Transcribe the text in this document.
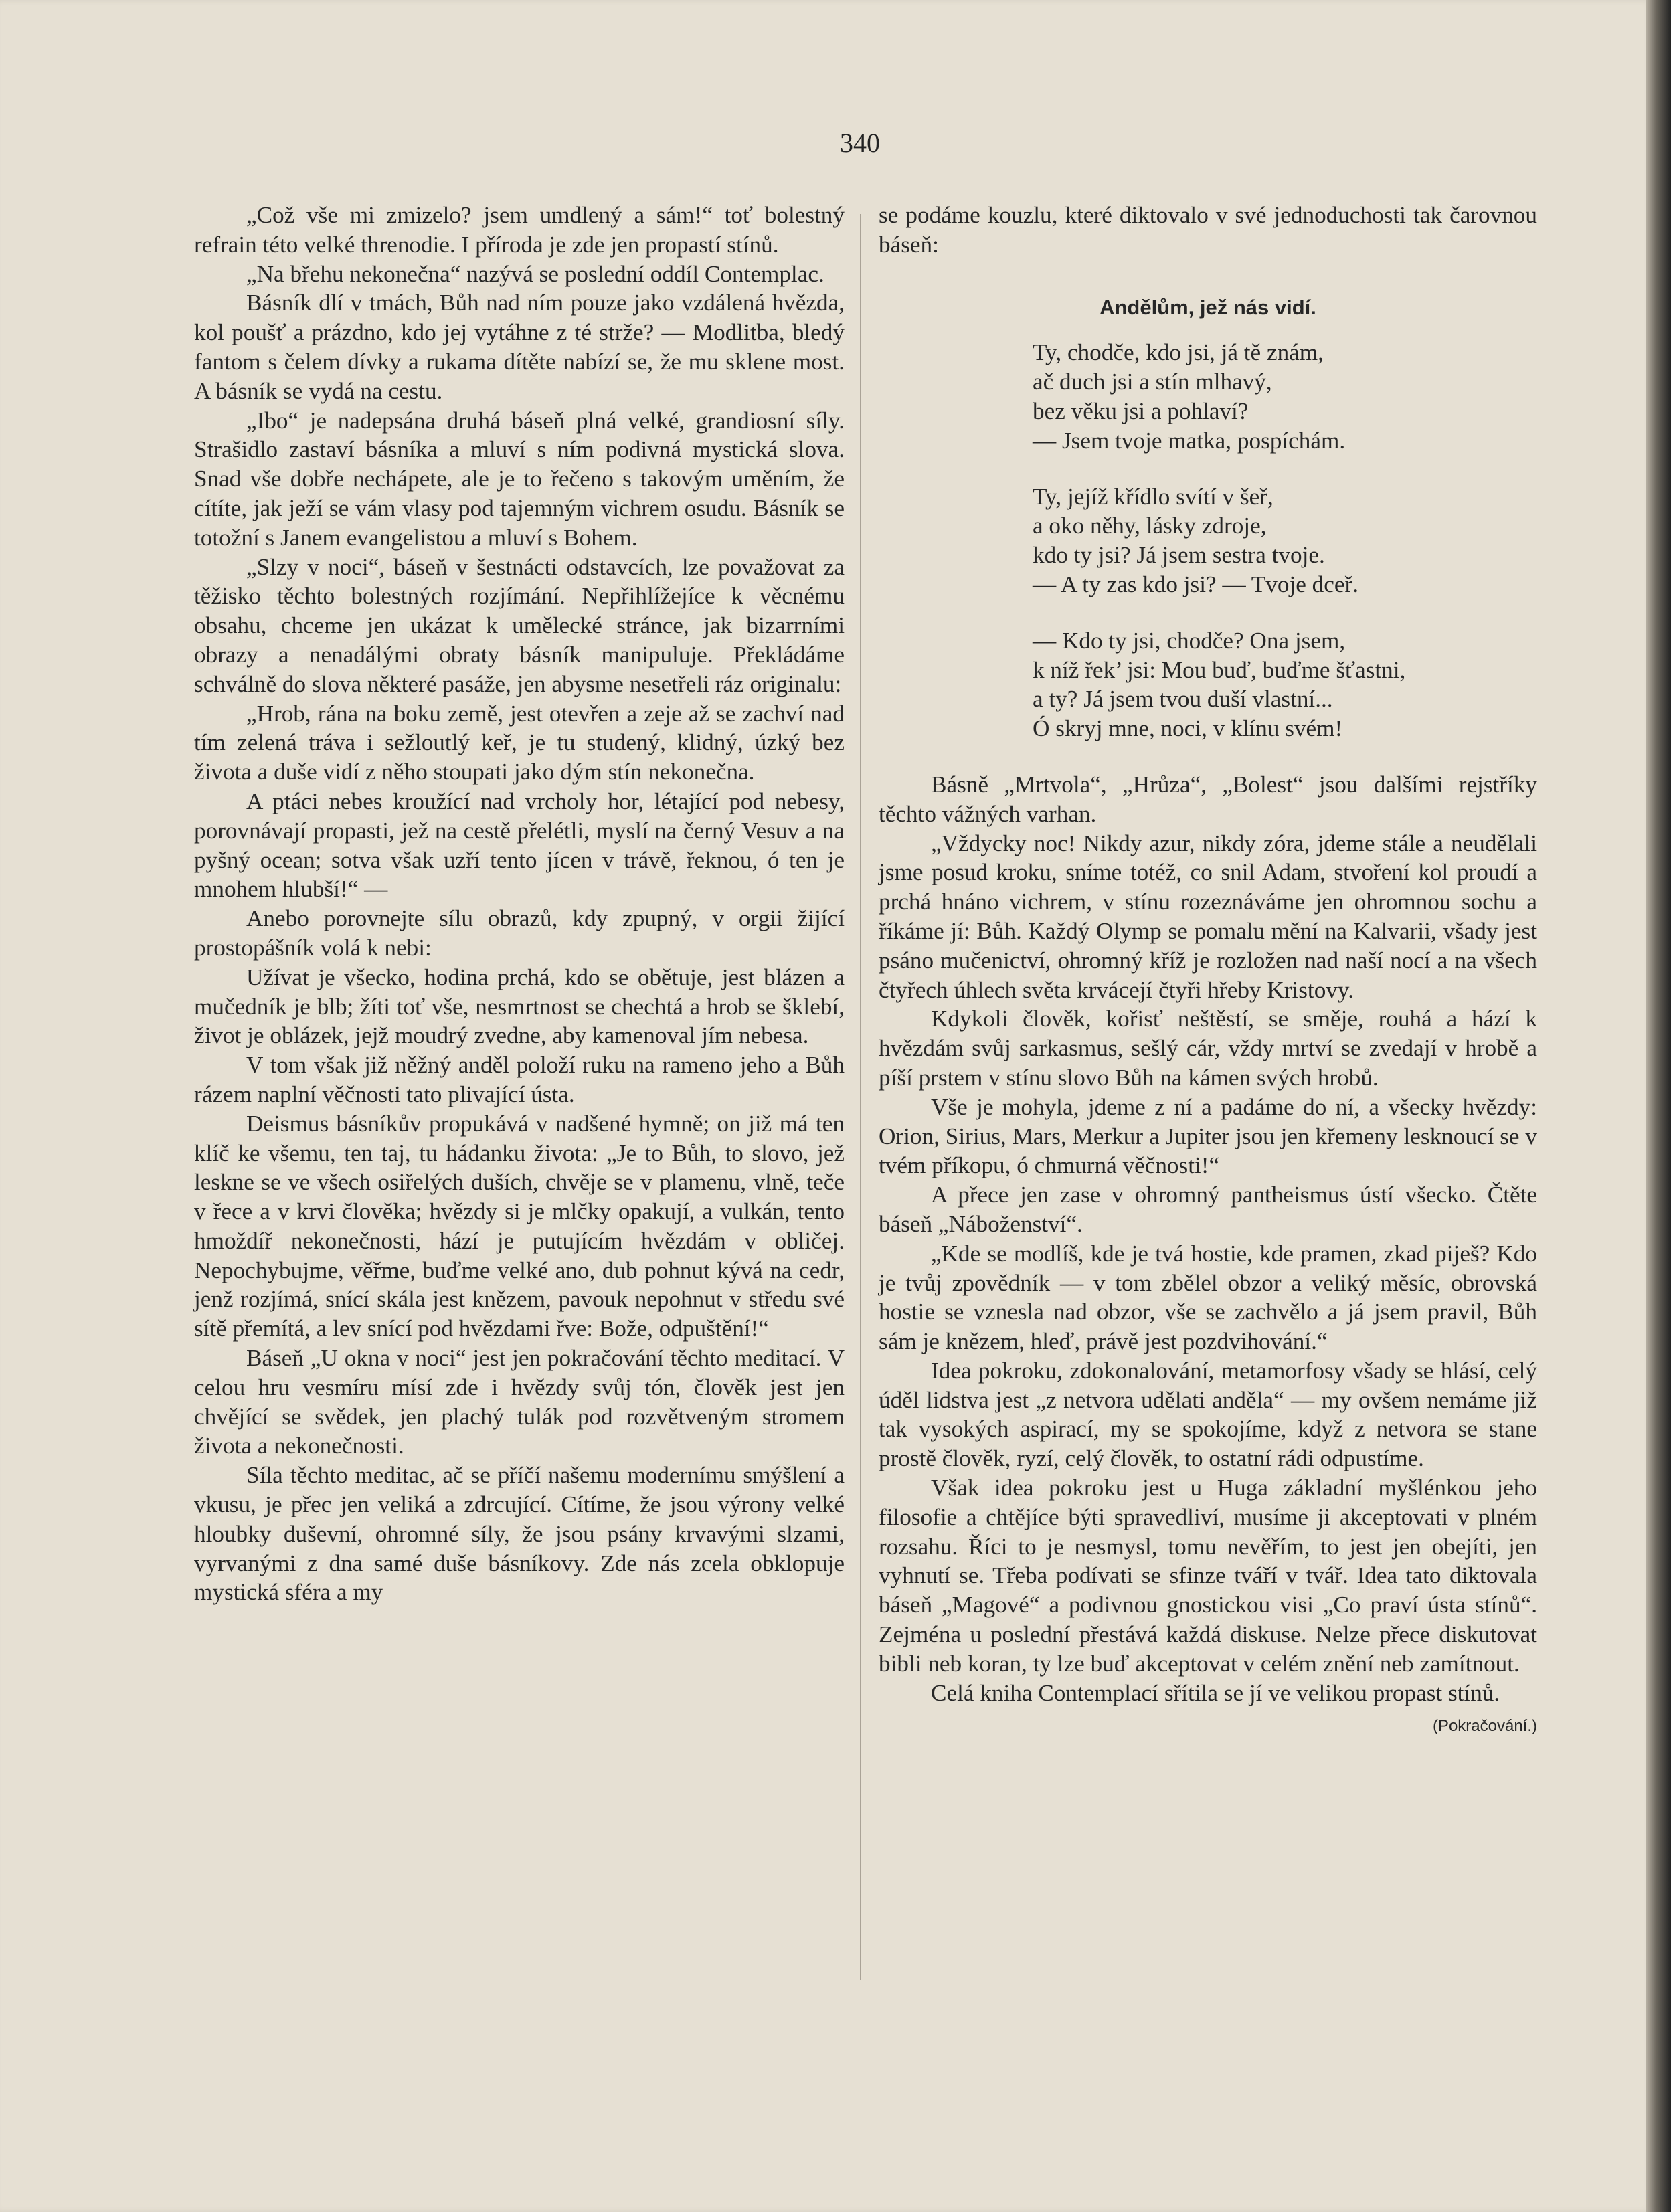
340

„Což vše mi zmizelo? jsem umdlený a sám!“ toť bolestný refrain této velké threnodie. I příroda je zde jen propastí stínů.

„Na břehu nekonečna“ nazývá se poslední oddíl Contemplac.

Básník dlí v tmách, Bůh nad ním pouze jako vzdálená hvězda, kol poušť a prázdno, kdo jej vytáhne z té strže? — Modlitba, bledý fantom s čelem dívky a rukama dítěte nabízí se, že mu sklene most. A básník se vydá na cestu.

„Ibo“ je nadepsána druhá báseň plná velké, grandiosní síly. Strašidlo zastaví básníka a mluví s ním podivná mystická slova. Snad vše dobře nechápete, ale je to řečeno s takovým uměním, že cítíte, jak ježí se vám vlasy pod tajemným vichrem osudu. Básník se totožní s Janem evangelistou a mluví s Bohem.

„Slzy v noci“, báseň v šestnácti odstavcích, lze považovat za těžisko těchto bolestných rozjímání. Nepřihlížejíce k věcnému obsahu, chceme jen ukázat k umělecké stránce, jak bizarrními obrazy a nenadálými obraty básník manipuluje. Překládáme schválně do slova některé pasáže, jen abysme nesetřeli ráz originalu:

„Hrob, rána na boku země, jest otevřen a zeje až se zachví nad tím zelená tráva i sežloutlý keř, je tu studený, klidný, úzký bez života a duše vidí z něho stoupati jako dým stín nekonečna.

A ptáci nebes kroužící nad vrcholy hor, létající pod nebesy, porovnávají propasti, jež na cestě přelétli, myslí na černý Vesuv a na pyšný ocean; sotva však uzří tento jícen v trávě, řeknou, ó ten je mnohem hlubší!“ —

Anebo porovnejte sílu obrazů, kdy zpupný, v orgii žijící prostopášník volá k nebi:

Užívat je všecko, hodina prchá, kdo se obětuje, jest blázen a mučedník je blb; žíti toť vše, nesmrtnost se chechtá a hrob se šklebí, život je oblázek, jejž moudrý zvedne, aby kamenoval jím nebesa.

V tom však již něžný anděl položí ruku na rameno jeho a Bůh rázem naplní věčnosti tato plivající ústa.

Deismus básníkův propukává v nadšené hymně; on již má ten klíč ke všemu, ten taj, tu hádanku života: „Je to Bůh, to slovo, jež leskne se ve všech osiřelých duších, chvěje se v plamenu, vlně, teče v řece a v krvi člověka; hvězdy si je mlčky opakují, a vulkán, tento hmoždíř nekonečnosti, hází je putujícím hvězdám v obličej. Nepochybujme, věřme, buďme velké ano, dub pohnut kývá na cedr, jenž rozjímá, snící skála jest knězem, pavouk nepohnut v středu své sítě přemítá, a lev snící pod hvězdami řve: Bože, odpuštění!“

Báseň „U okna v noci“ jest jen pokračování těchto meditací. V celou hru vesmíru mísí zde i hvězdy svůj tón, člověk jest jen chvějící se svědek, jen plachý tulák pod rozvětveným stromem života a nekonečnosti.

Síla těchto meditac, ač se příčí našemu modernímu smýšlení a vkusu, je přec jen veliká a zdrcující. Cítíme, že jsou výrony velké hloubky duševní, ohromné síly, že jsou psány krvavými slzami, vyrvanými z dna samé duše básníkovy. Zde nás zcela obklopuje mystická sféra a my

se podáme kouzlu, které diktovalo v své jednoduchosti tak čarovnou báseň:

Andělům, jež nás vidí.
Ty, chodče, kdo jsi, já tě znám,
ač duch jsi a stín mlhavý,
bez věku jsi a pohlaví?
— Jsem tvoje matka, pospíchám.
Ty, jejíž křídlo svítí v šeř,
a oko něhy, lásky zdroje,
kdo ty jsi? Já jsem sestra tvoje.
— A ty zas kdo jsi? — Tvoje dceř.
— Kdo ty jsi, chodče? Ona jsem,
k níž řek’ jsi: Mou buď, buďme šťastni,
a ty? Já jsem tvou duší vlastní...
Ó skryj mne, noci, v klínu svém!

Básně „Mrtvola“, „Hrůza“, „Bolest“ jsou dalšími rejstříky těchto vážných varhan.

„Vždycky noc! Nikdy azur, nikdy zóra, jdeme stále a neudělali jsme posud kroku, sníme totéž, co snil Adam, stvoření kol proudí a prchá hnáno vichrem, v stínu rozeznáváme jen ohromnou sochu a říkáme jí: Bůh. Každý Olymp se pomalu mění na Kalvarii, všady jest psáno mučenictví, ohromný kříž je rozložen nad naší nocí a na všech čtyřech úhlech světa krvácejí čtyři hřeby Kristovy.

Kdykoli člověk, kořisť neštěstí, se směje, rouhá a hází k hvězdám svůj sarkasmus, sešlý cár, vždy mrtví se zvedají v hrobě a píší prstem v stínu slovo Bůh na kámen svých hrobů.

Vše je mohyla, jdeme z ní a padáme do ní, a všecky hvězdy: Orion, Sirius, Mars, Merkur a Jupiter jsou jen křemeny lesknoucí se v tvém příkopu, ó chmurná věčnosti!“

A přece jen zase v ohromný pantheismus ústí všecko. Čtěte báseň „Náboženství“.

„Kde se modlíš, kde je tvá hostie, kde pramen, zkad piješ? Kdo je tvůj zpovědník — v tom zbělel obzor a veliký měsíc, obrovská hostie se vznesla nad obzor, vše se zachvělo a já jsem pravil, Bůh sám je knězem, hleď, právě jest pozdvihování.“

Idea pokroku, zdokonalování, metamorfosy všady se hlásí, celý úděl lidstva jest „z netvora udělati anděla“ — my ovšem nemáme již tak vysokých aspirací, my se spokojíme, když z netvora se stane prostě člověk, ryzí, celý člověk, to ostatní rádi odpustíme.

Však idea pokroku jest u Huga základní myšlénkou jeho filosofie a chtějíce býti spravedliví, musíme ji akceptovati v plném rozsahu. Říci to je nesmysl, tomu nevěřím, to jest jen obejíti, jen vyhnutí se. Třeba podívati se sfinze tváří v tvář. Idea tato diktovala báseň „Magové“ a podivnou gnostickou visi „Co praví ústa stínů“. Zejména u poslední přestává každá diskuse. Nelze přece diskutovat bibli neb koran, ty lze buď akceptovat v celém znění neb zamítnout.

Celá kniha Contemplací sřítila se jí ve velikou propast stínů.
(Pokračování.)
